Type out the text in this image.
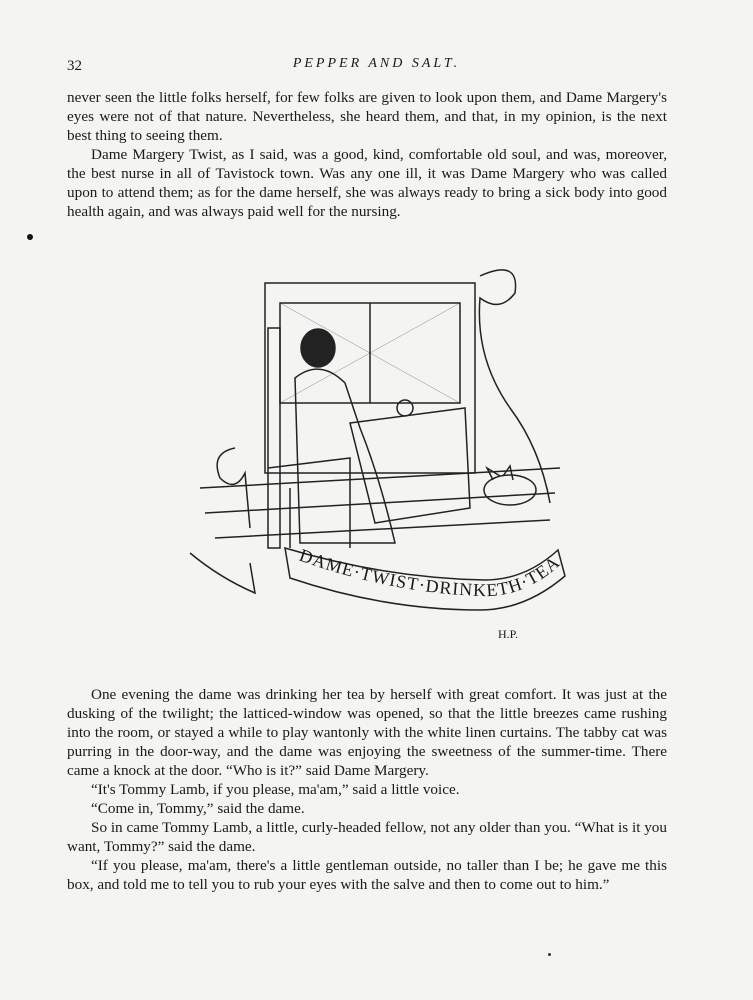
32	PEPPER AND SALT.

never seen the little folks herself, for few folks are given to look upon them, and Dame Margery's eyes were not of that nature. Nevertheless, she heard them, and that, in my opinion, is the next best thing to seeing them.

Dame Margery Twist, as I said, was a good, kind, comfortable old soul, and was, moreover, the best nurse in all of Tavistock town. Was any one ill, it was Dame Margery who was called upon to attend them; as for the dame herself, she was always ready to bring a sick body into good health again, and was always paid well for the nursing.

DAME·TWIST·DRINKETH·TEA
H.P.

One evening the dame was drinking her tea by herself with great comfort. It was just at the dusking of the twilight; the latticed-window was opened, so that the little breezes came rushing into the room, or stayed a while to play wantonly with the white linen curtains. The tabby cat was purring in the door-way, and the dame was enjoying the sweetness of the summer-time. There came a knock at the door. “Who is it?” said Dame Margery.

“It's Tommy Lamb, if you please, ma'am,” said a little voice.

“Come in, Tommy,” said the dame.

So in came Tommy Lamb, a little, curly-headed fellow, not any older than you. “What is it you want, Tommy?” said the dame.

“If you please, ma'am, there's a little gentleman outside, no taller than I be; he gave me this box, and told me to tell you to rub your eyes with the salve and then to come out to him.”
